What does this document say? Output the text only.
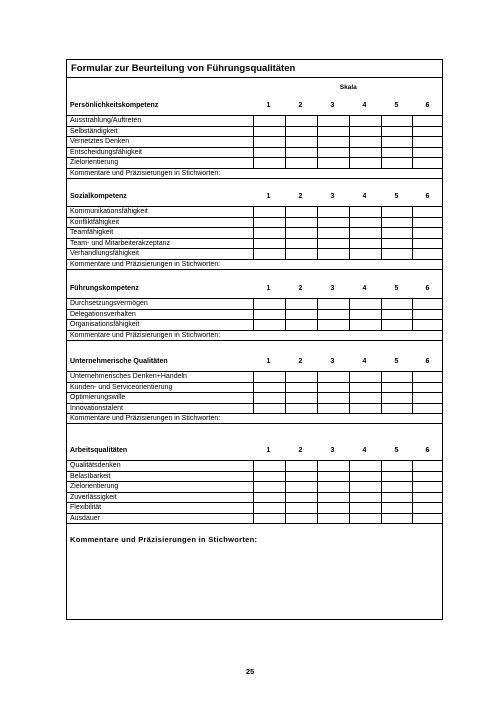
Formular zur Beurteilung von Führungsqualitäten
Skala
Persönlichkeitskompetenz	1	2	3	4	5	6
Ausstrahlung/Auftreten
Selbständigkeit
Vernetztes Denken
Entscheidungsfähigkeit
Zielorientierung
Kommentare und Präzisierungen in Stichworten:
Sozialkompetenz	1	2	3	4	5	6
Kommunikationsfähigkeit
Konfliktfähigkeit
Teamfähigkeit
Team- und Mitarbeiterakzeptanz
Verhandlungsfähigkeit
Kommentare und Präzisierungen in Stichworten:
Führungskompetenz	1	2	3	4	5	6
Durchsetzungsvermögen
Delegationsverhalten
Organisationsfähigkeit
Kommentare und Präzisierungen in Stichworten:
Unternehmerische Qualitäten	1	2	3	4	5	6
Unternehmerisches Denken+Handeln
Kunden- und Serviceorientierung
Optimierungswille
Innovationstalent
Kommentare und Präzisierungen in Stichworten:
Arbeitsqualitäten	1	2	3	4	5	6
Qualitätsdenken
Belastbarkeit
Zielorientierung
Zuverlässigkeit
Flexibilität
Ausdauer
Kommentare und Präzisierungen in Stichworten:
25
